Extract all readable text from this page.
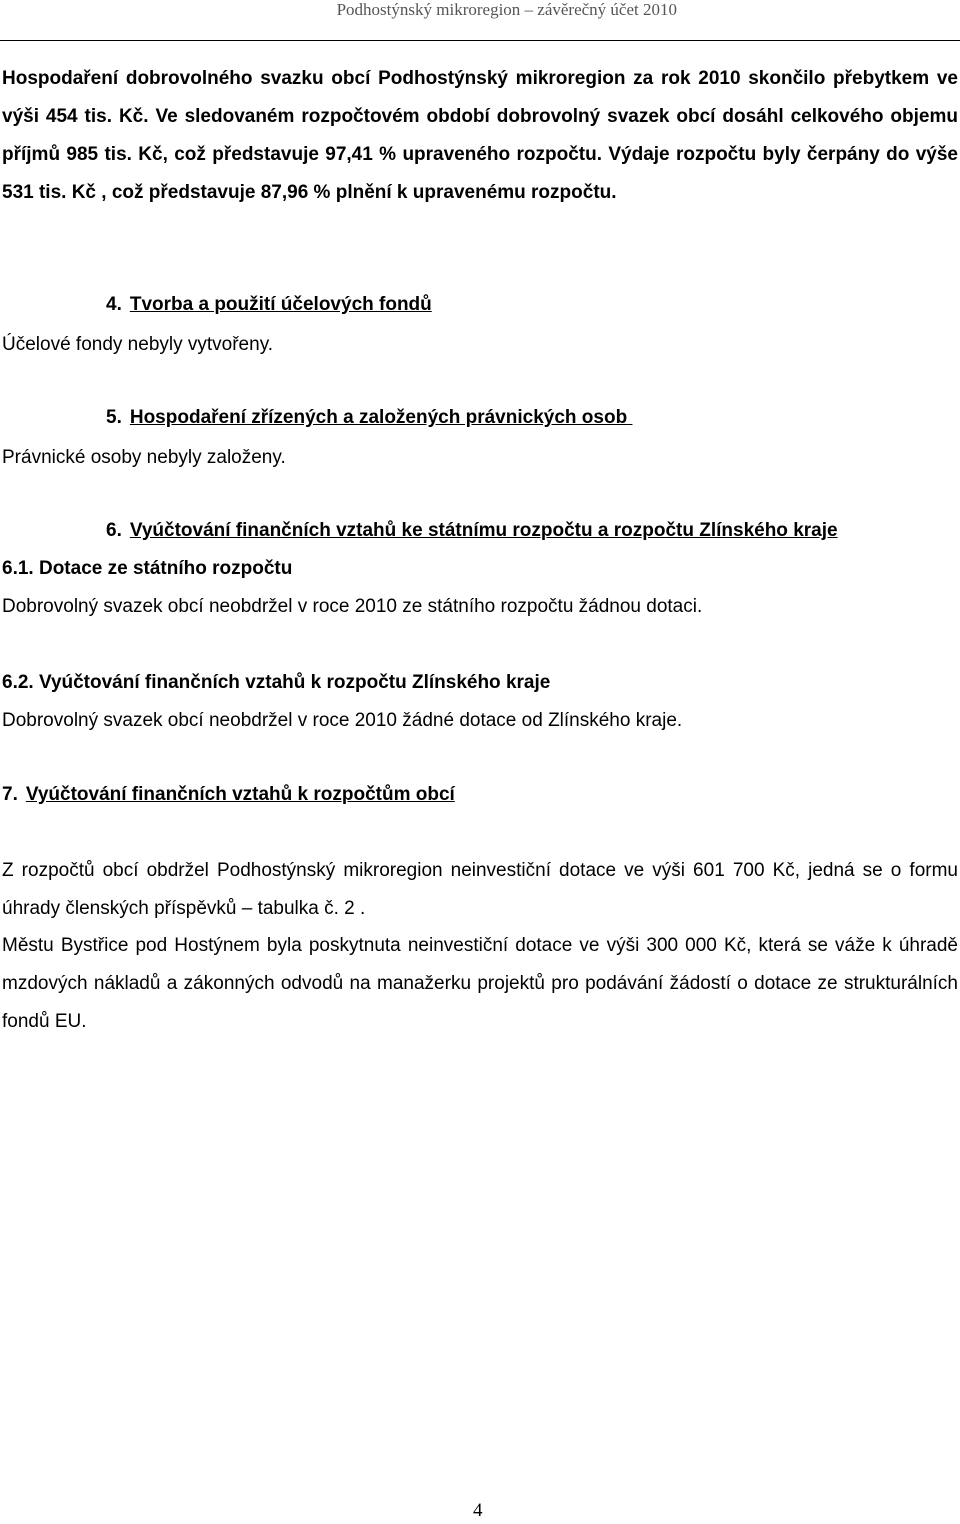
Podhostýnský mikroregion – závěrečný účet 2010

Hospodaření dobrovolného svazku obcí Podhostýnský mikroregion za rok 2010 skončilo přebytkem ve výši 454 tis. Kč. Ve sledovaném rozpočtovém období dobrovolný svazek obcí dosáhl celkového objemu příjmů 985 tis. Kč, což představuje 97,41 % upraveného rozpočtu. Výdaje rozpočtu byly čerpány do výše 531 tis. Kč , což představuje 87,96 % plnění k upravenému rozpočtu.

4. Tvorba a použití účelových fondů

Účelové fondy nebyly vytvořeny.

5. Hospodaření zřízených a založených právnických osob

Právnické osoby nebyly založeny.

6. Vyúčtování finančních vztahů ke státnímu rozpočtu a rozpočtu Zlínského kraje

6.1. Dotace ze státního rozpočtu

Dobrovolný svazek obcí neobdržel v roce 2010 ze státního rozpočtu žádnou dotaci.

6.2. Vyúčtování finančních vztahů k rozpočtu Zlínského kraje

Dobrovolný svazek obcí neobdržel v roce 2010 žádné dotace od Zlínského kraje.

7. Vyúčtování finančních vztahů k rozpočtům obcí

Z rozpočtů obcí obdržel Podhostýnský mikroregion neinvestiční dotace ve výši 601 700 Kč, jedná se o formu úhrady členských příspěvků – tabulka č. 2 .

Městu Bystřice pod Hostýnem byla poskytnuta neinvestiční dotace ve výši 300 000 Kč, která se váže k úhradě mzdových nákladů a zákonných odvodů na manažerku projektů pro podávání žádostí o dotace ze strukturálních fondů EU.

4
